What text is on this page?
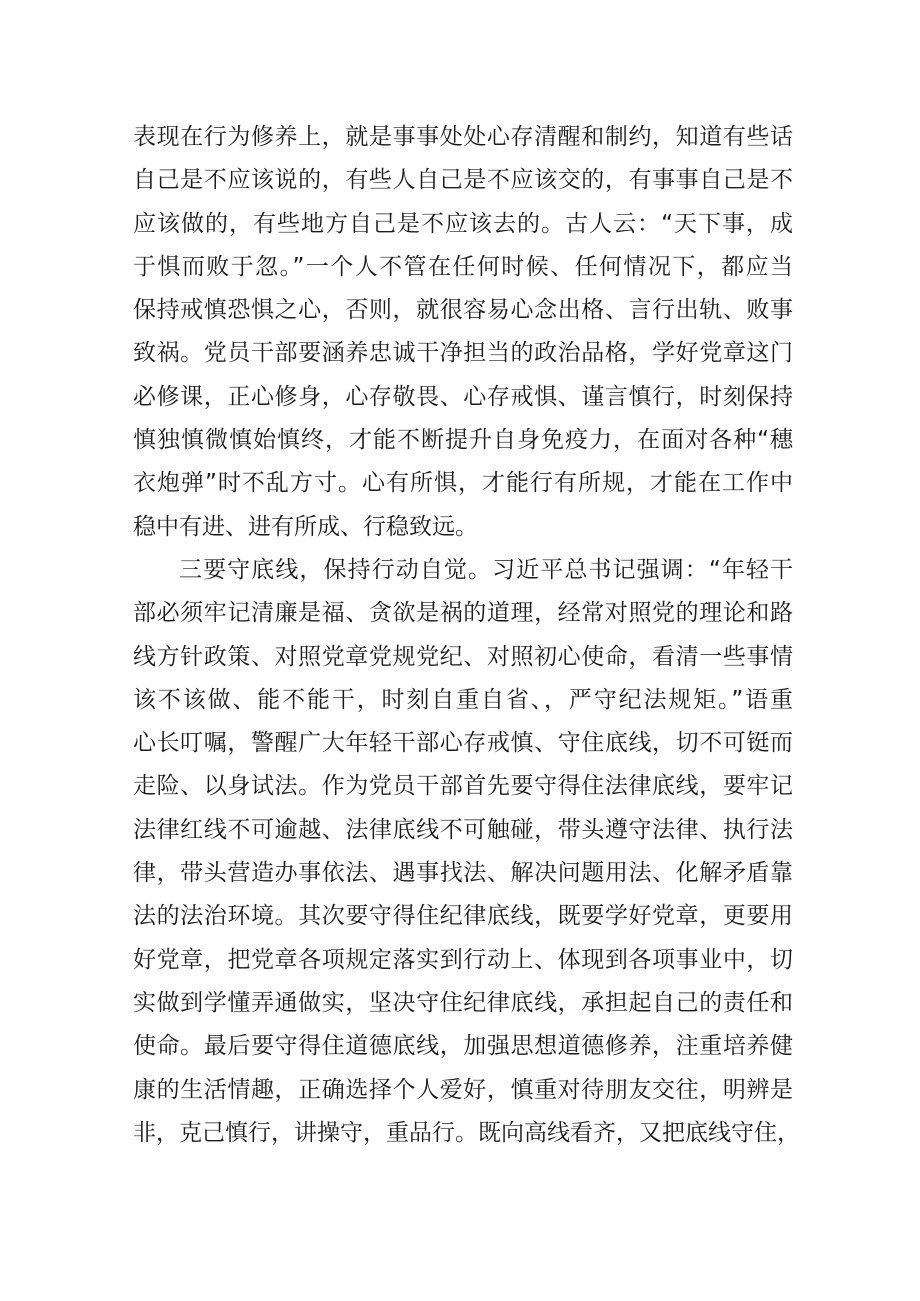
表现在行为修养上，就是事事处处心存清醒和制约，知道有些话
自己是不应该说的，有些人自己是不应该交的，有事事自己是不
应该做的，有些地方自己是不应该去的。古人云：“天下事，成
于惧而败于忽。”一个人不管在任何时候、任何情况下，都应当
保持戒慎恐惧之心，否则，就很容易心念出格、言行出轨、败事
致祸。党员干部要涵养忠诚干净担当的政治品格，学好党章这门
必修课，正心修身，心存敬畏、心存戒惧、谨言慎行，时刻保持
慎独慎微慎始慎终，才能不断提升自身免疫力，在面对各种“穗
衣炮弹”时不乱方寸。心有所惧，才能行有所规，才能在工作中
稳中有进、进有所成、行稳致远。
三要守底线，保持行动自觉。习近平总书记强调：“年轻干
部必须牢记清廉是福、贪欲是祸的道理，经常对照党的理论和路
线方针政策、对照党章党规党纪、对照初心使命，看清一些事情
该不该做、能不能干，时刻自重自省、，严守纪法规矩。”语重
心长叮嘱，警醒广大年轻干部心存戒慎、守住底线，切不可铤而
走险、以身试法。作为党员干部首先要守得住法律底线，要牢记
法律红线不可逾越、法律底线不可触碰，带头遵守法律、执行法
律，带头营造办事依法、遇事找法、解决问题用法、化解矛盾靠
法的法治环境。其次要守得住纪律底线，既要学好党章，更要用
好党章，把党章各项规定落实到行动上、体现到各项事业中，切
实做到学懂弄通做实，坚决守住纪律底线，承担起自己的责任和
使命。最后要守得住道德底线，加强思想道德修养，注重培养健
康的生活情趣，正确选择个人爱好，慎重对待朋友交往，明辨是
非，克己慎行，讲操守，重品行。既向高线看齐，又把底线守住，
